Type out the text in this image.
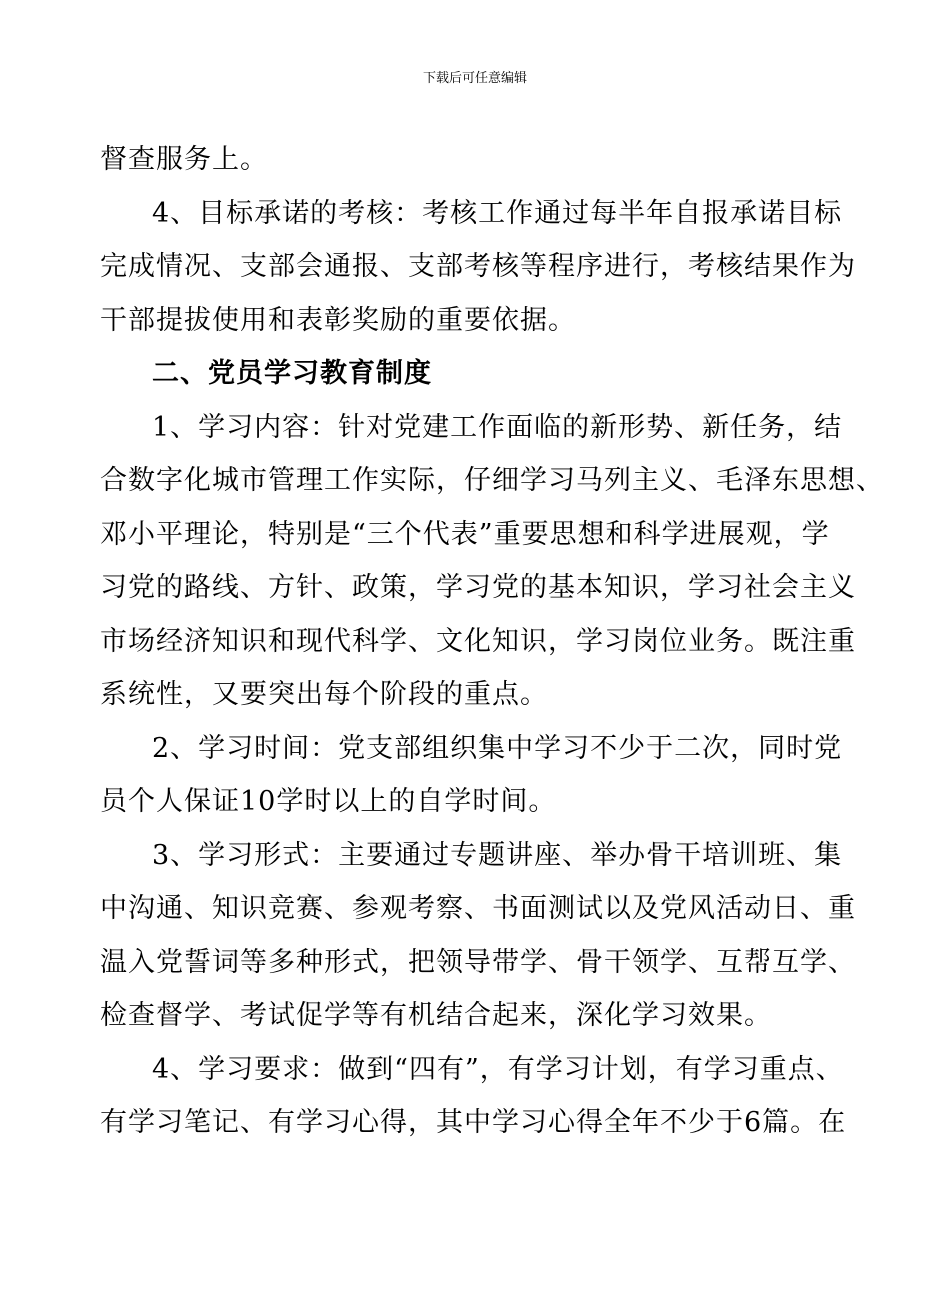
下载后可任意编辑
督查服务上。
4、目标承诺的考核：考核工作通过每半年自报承诺目标
完成情况、支部会通报、支部考核等程序进行，考核结果作为
干部提拔使用和表彰奖励的重要依据。
二、党员学习教育制度
1、学习内容：针对党建工作面临的新形势、新任务，结
合数字化城市管理工作实际，仔细学习马列主义、毛泽东思想、
邓小平理论，特别是“三个代表”重要思想和科学进展观，学
习党的路线、方针、政策，学习党的基本知识，学习社会主义
市场经济知识和现代科学、文化知识，学习岗位业务。既注重
系统性，又要突出每个阶段的重点。
2、学习时间：党支部组织集中学习不少于二次，同时党
员个人保证10学时以上的自学时间。
3、学习形式：主要通过专题讲座、举办骨干培训班、集
中沟通、知识竞赛、参观考察、书面测试以及党风活动日、重
温入党誓词等多种形式，把领导带学、骨干领学、互帮互学、
检查督学、考试促学等有机结合起来，深化学习效果。
4、学习要求：做到“四有”，有学习计划，有学习重点、
有学习笔记、有学习心得，其中学习心得全年不少于6篇。在
